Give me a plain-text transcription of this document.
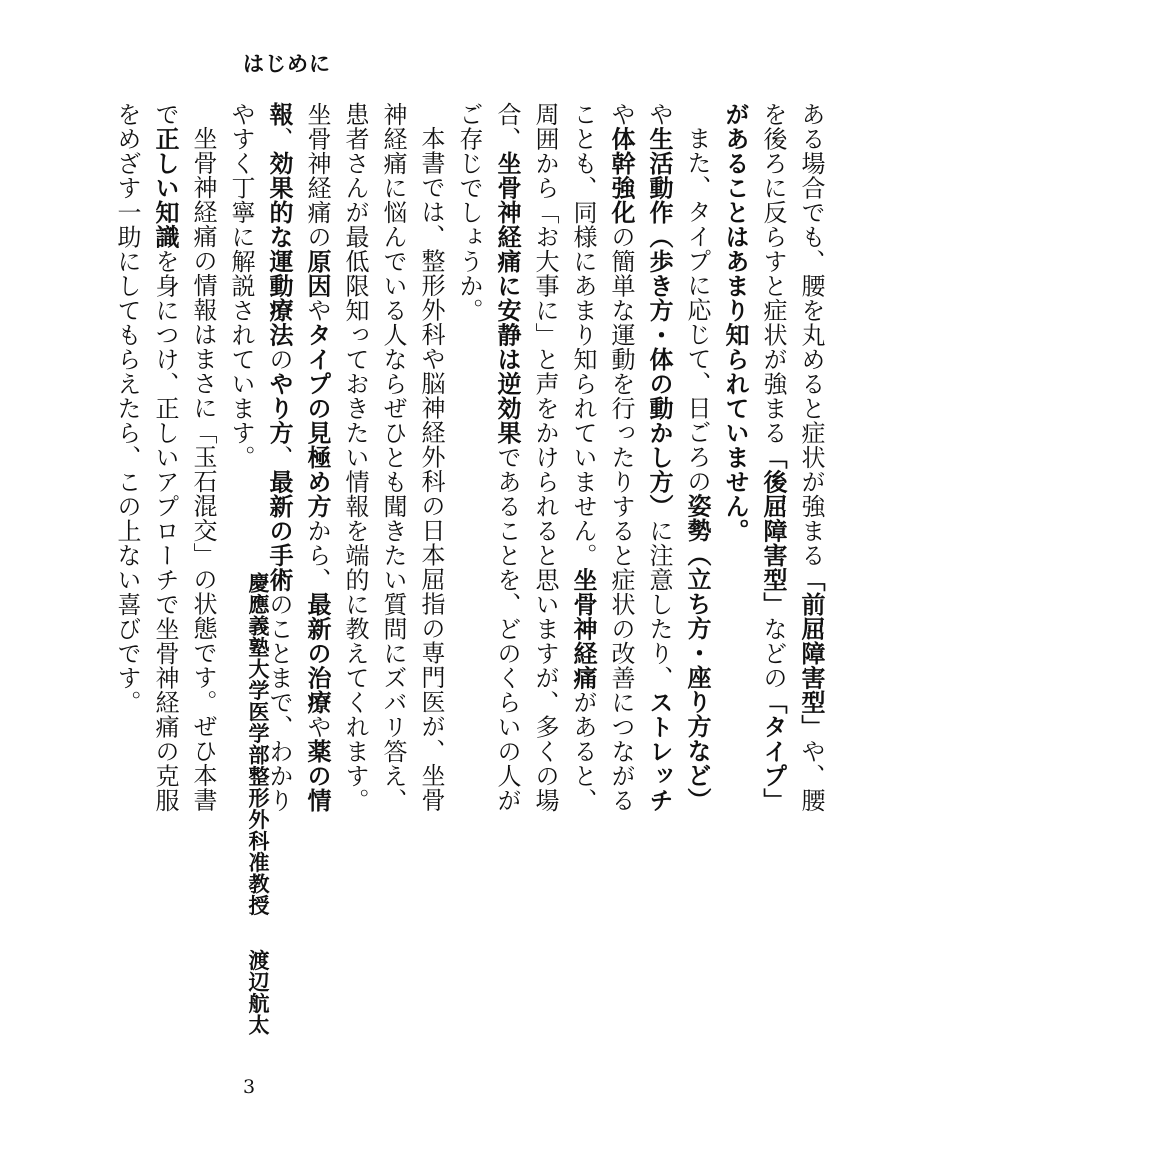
はじめに

ある場合でも、腰を丸めると症状が強まる「前屈障害型」や、腰を後ろに反らすと症状が強まる「後屈障害型」などの「タイプ」があることはあまり知られていません。

また、タイプに応じて、日ごろの姿勢（立ち方・座り方など）や生活動作（歩き方・体の動かし方）に注意したり、ストレッチや体幹強化の簡単な運動を行ったりすると症状の改善につながることも、同様にあまり知られていません。坐骨神経痛があると、周囲から「お大事に」と声をかけられると思いますが、多くの場合、坐骨神経痛に安静は逆効果であることを、どのくらいの人がご存じでしょうか。

本書では、整形外科や脳神経外科の日本屈指の専門医が、坐骨神経痛に悩んでいる人ならぜひとも聞きたい質問にズバリ答え、患者さんが最低限知っておきたい情報を端的に教えてくれます。坐骨神経痛の原因やタイプの見極め方から、最新の治療や薬の情報、効果的な運動療法のやり方、最新の手術のことまで、わかりやすく丁寧に解説されています。

坐骨神経痛の情報はまさに「玉石混交」の状態です。ぜひ本書で正しい知識を身につけ、正しいアプローチで坐骨神経痛の克服をめざす一助にしてもらえたら、この上ない喜びです。

慶應義塾大学医学部整形外科准教授渡辺航太
3
